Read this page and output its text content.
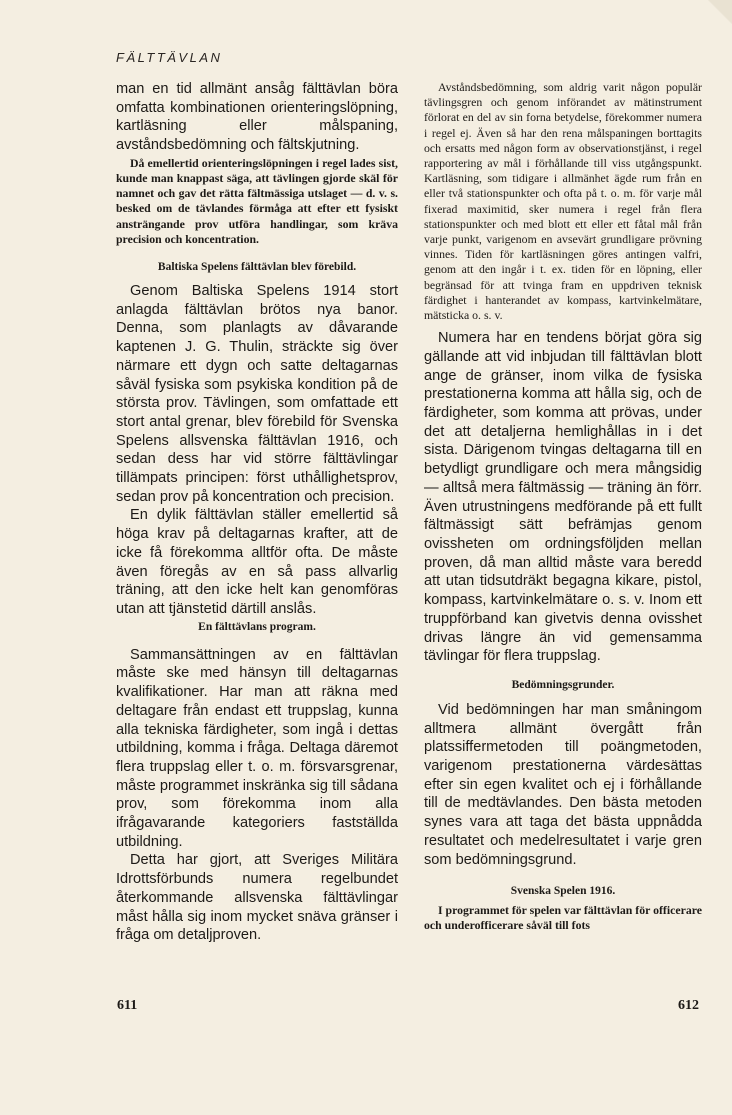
FÄLTTÄVLAN

man en tid allmänt ansåg fälttävlan böra omfatta kombinationen orienteringslöpning, kartläsning eller målspaning, avståndsbedömning och fältskjutning.

Då emellertid orienteringslöpningen i regel lades sist, kunde man knappast säga, att tävlingen gjorde skäl för namnet och gav det rätta fältmässiga utslaget — d. v. s. besked om de tävlandes förmåga att efter ett fysiskt ansträngande prov utföra handlingar, som kräva precision och koncentration.

Baltiska Spelens fälttävlan blev förebild.

Genom Baltiska Spelens 1914 stort anlagda fälttävlan brötos nya banor. Denna, som planlagts av dåvarande kaptenen J. G. Thulin, sträckte sig över närmare ett dygn och satte deltagarnas såväl fysiska som psykiska kondition på de största prov. Tävlingen, som omfattade ett stort antal grenar, blev förebild för Svenska Spelens allsvenska fälttävlan 1916, och sedan dess har vid större fälttävlingar tillämpats principen: först uthållighetsprov, sedan prov på koncentration och precision.

En dylik fälttävlan ställer emellertid så höga krav på deltagarnas krafter, att de icke få förekomma alltför ofta. De måste även föregås av en så pass allvarlig träning, att den icke helt kan genomföras utan att tjänstetid därtill anslås.

En fälttävlans program.

Sammansättningen av en fälttävlan måste ske med hänsyn till deltagarnas kvalifikationer. Har man att räkna med deltagare från endast ett truppslag, kunna alla tekniska färdigheter, som ingå i dettas utbildning, komma i fråga. Deltaga däremot flera truppslag eller t. o. m. försvarsgrenar, måste programmet inskränka sig till sådana prov, som förekomma inom alla ifrågavarande kategoriers fastställda utbildning.

Detta har gjort, att Sveriges Militära Idrottsförbunds numera regelbundet återkommande allsvenska fälttävlingar måst hålla sig inom mycket snäva gränser i fråga om detaljproven.

Avståndsbedömning, som aldrig varit någon populär tävlingsgren och genom införandet av mätinstrument förlorat en del av sin forna betydelse, förekommer numera i regel ej. Även så har den rena målspaningen borttagits och ersatts med någon form av observationstjänst, i regel rapportering av mål i förhållande till viss utgångspunkt. Kartläsning, som tidigare i allmänhet ägde rum från en eller två stationspunkter och ofta på t. o. m. för varje mål fixerad maximitid, sker numera i regel från flera stationspunkter och med blott ett eller ett fåtal mål från varje punkt, varigenom en avsevärt grundligare prövning vinnes. Tiden för kartläsningen göres antingen valfri, genom att den ingår i t. ex. tiden för en löpning, eller begränsad för att tvinga fram en uppdriven teknisk färdighet i hanterandet av kompass, kartvinkelmätare, mätsticka o. s. v.

Numera har en tendens börjat göra sig gällande att vid inbjudan till fälttävlan blott ange de gränser, inom vilka de fysiska prestationerna komma att hålla sig, och de färdigheter, som komma att prövas, under det att detaljerna hemlighållas in i det sista. Därigenom tvingas deltagarna till en betydligt grundligare och mera mångsidig — alltså mera fältmässig — träning än förr. Även utrustningens medförande på ett fullt fältmässigt sätt befrämjas genom ovissheten om ordningsföljden mellan proven, då man alltid måste vara beredd att utan tidsutdräkt begagna kikare, pistol, kompass, kartvinkelmätare o. s. v. Inom ett truppförband kan givetvis denna ovisshet drivas längre än vid gemensamma tävlingar för flera truppslag.

Bedömningsgrunder.

Vid bedömningen har man småningom alltmera allmänt övergått från platssiffermetoden till poängmetoden, varigenom prestationerna värdesättas efter sin egen kvalitet och ej i förhållande till de medtävlandes. Den bästa metoden synes vara att taga det bästa uppnådda resultatet och medelresultatet i varje gren som bedömningsgrund.

Svenska Spelen 1916.

I programmet för spelen var fälttävlan för officerare och underofficerare såväl till fots

611	612
